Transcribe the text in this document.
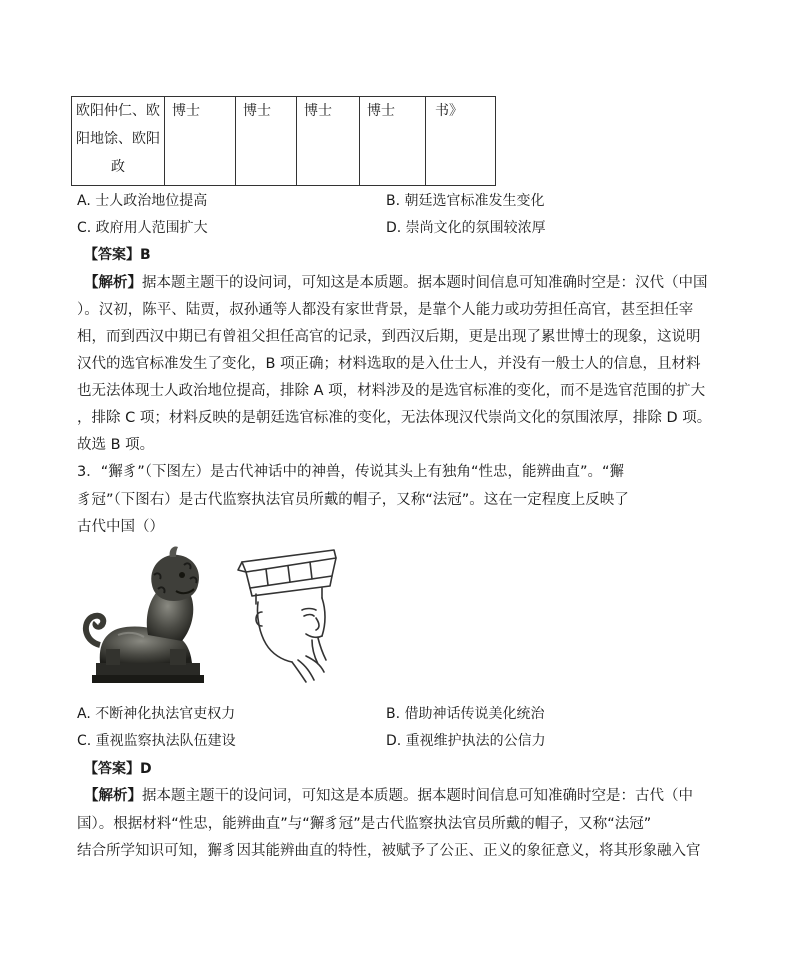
欧阳仲仁、欧
阳地馀、欧阳
政
	博士	博士	博士	博士	书》
A. 士人政治地位提高	B. 朝廷选官标准发生变化
C. 政府用人范围扩大	D. 崇尚文化的氛围较浓厚
【答案】B
【解析】据本题主题干的设问词，可知这是本质题。据本题时间信息可知准确时空是：汉代（中国
）。汉初，陈平、陆贾，叔孙通等人都没有家世背景，是靠个人能力或功劳担任高官，甚至担任宰
相，而到西汉中期已有曾祖父担任高官的记录，到西汉后期，更是出现了累世博士的现象，这说明
汉代的选官标准发生了变化，B 项正确；材料选取的是入仕士人，并没有一般士人的信息，且材料
也无法体现士人政治地位提高，排除 A 项，材料涉及的是选官标准的变化，而不是选官范围的扩大
，排除 C 项；材料反映的是朝廷选官标准的变化，无法体现汉代崇尚文化的氛围浓厚，排除 D 项。
故选 B 项。
3．“獬豸”（下图左）是古代神话中的神兽，传说其头上有独角“性忠，能辨曲直”。“獬
豸冠”（下图右）是古代监察执法官员所戴的帽子，又称“法冠”。这在一定程度上反映了
古代中国（）
A. 不断神化执法官吏权力	B. 借助神话传说美化统治
C. 重视监察执法队伍建设	D. 重视维护执法的公信力
【答案】D
【解析】据本题主题干的设问词，可知这是本质题。据本题时间信息可知准确时空是：古代（中
国）。根据材料“性忠，能辨曲直”与“獬豸冠”是古代监察执法官员所戴的帽子，又称“法冠”
结合所学知识可知，獬豸因其能辨曲直的特性，被赋予了公正、正义的象征意义，将其形象融入官
